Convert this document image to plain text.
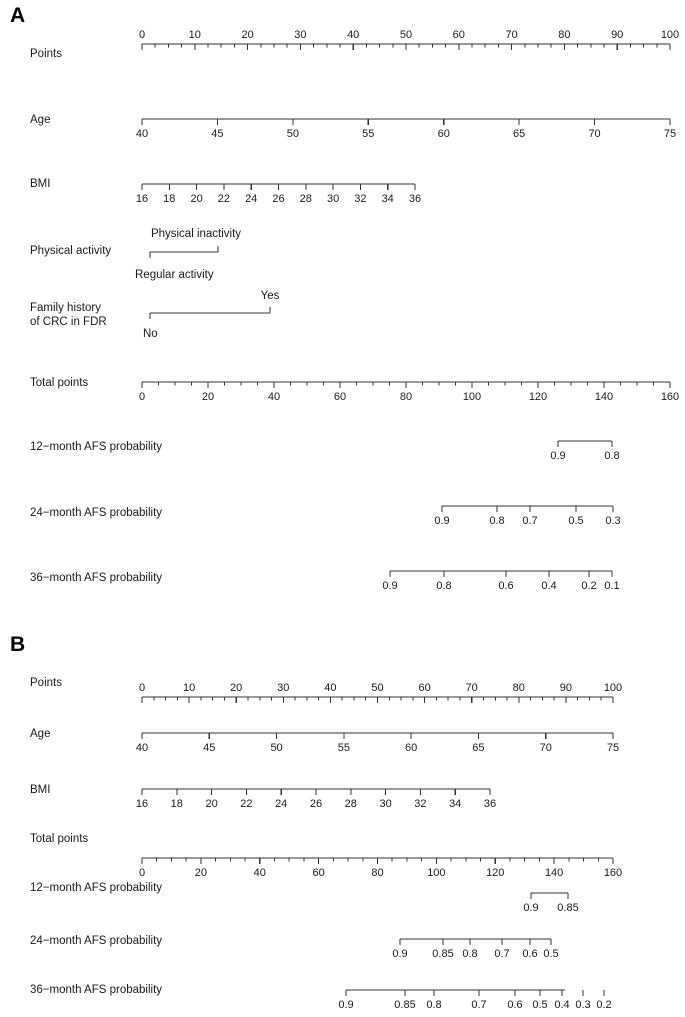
A
Points
0	10	20	30	40	50	60	70	80	90	100
Age
40	45	50	55	60	65	70	75
BMI
16 18 20 22 24 26 28 30 32 34 36
Physical activity
Physical inactivity
Regular activity
Family history
of CRC in FDR
Yes
No
Total points
0	20	40	60	80	100	120	140	160
12−month AFS probability
0.9	0.8
24−month AFS probability
0.9	0.8 0.7	0.5 0.3
36−month AFS probability
0.9	0.8	0.6	0.4 0.2 0.1
B
Points	0	10	20	30	40	50	60	70	80	90	100
Age
40	45	50	55	60	65	70	75
BMI
16 18 20 22 24 26 28 30 32 34 36
Total points
0	20	40	60	80	100	120	140	160
12−month AFS probability
0.9 0.85
24−month AFS probability
0.9 0.85 0.8 0.7 0.6 0.5
36−month AFS probability
0.9	0.85 0.8	0.7 0.6 0.5 0.4 0.3 0.2
